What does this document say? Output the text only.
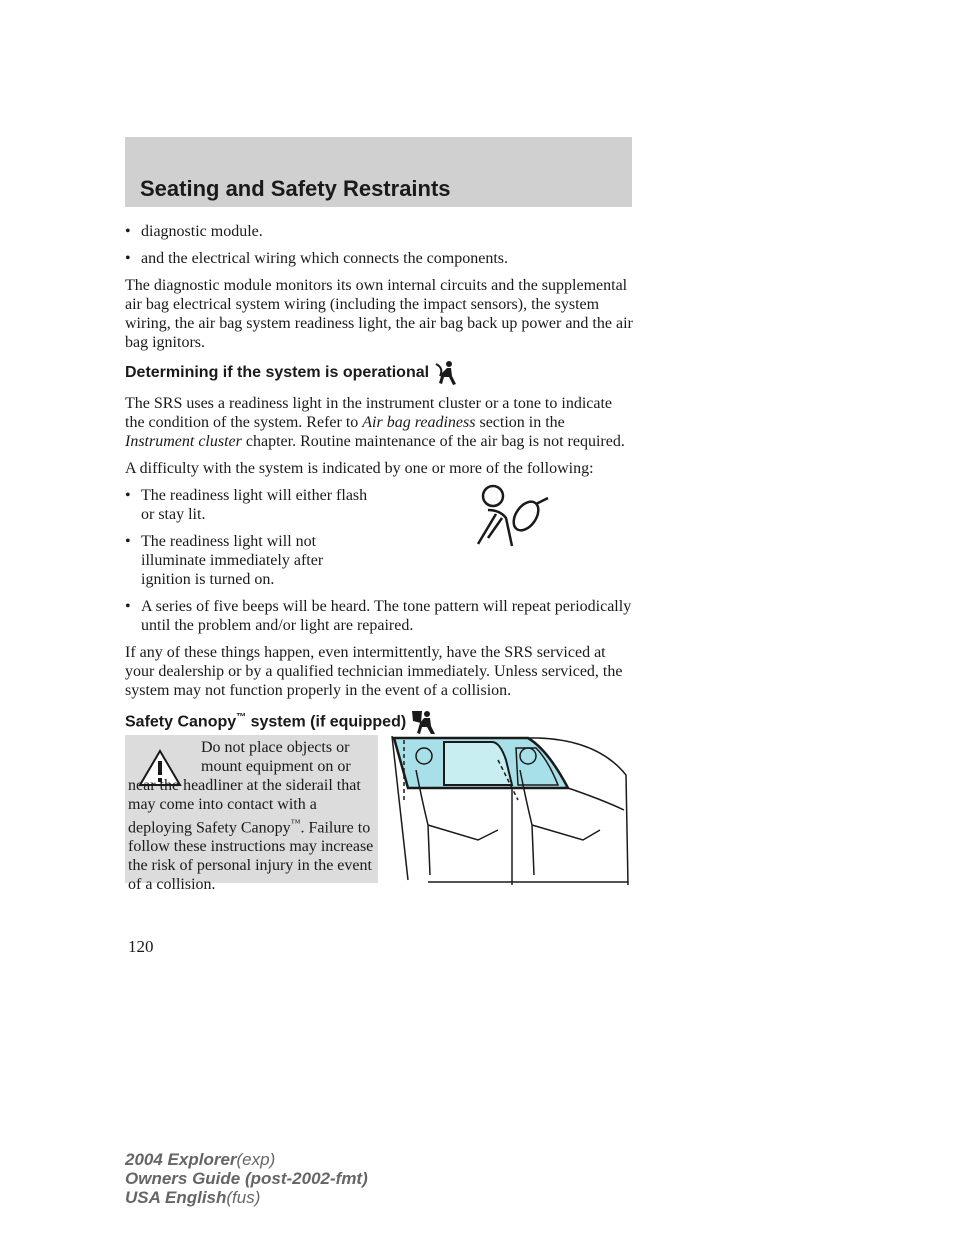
Seating and Safety Restraints
• diagnostic module.
• and the electrical wiring which connects the components.

The diagnostic module monitors its own internal circuits and the supplemental air bag electrical system wiring (including the impact sensors), the system wiring, the air bag system readiness light, the air bag back up power and the air bag ignitors.

Determining if the system is operational

The SRS uses a readiness light in the instrument cluster or a tone to indicate the condition of the system. Refer to Air bag readiness section in the Instrument cluster chapter. Routine maintenance of the air bag is not required.

A difficulty with the system is indicated by one or more of the following:

• The readiness light will either flash or stay lit.
• The readiness light will not illuminate immediately after ignition is turned on.
• A series of five beeps will be heard. The tone pattern will repeat periodically until the problem and/or light are repaired.

If any of these things happen, even intermittently, have the SRS serviced at your dealership or by a qualified technician immediately. Unless serviced, the system may not function properly in the event of a collision.

Safety Canopy™ system (if equipped)
Do not place objects or
mount equipment on or
near the headliner at the siderail that may come into contact with a deploying Safety Canopy™. Failure to follow these instructions may increase the risk of personal injury in the event of a collision.
120
2004 Explorer(exp)
Owners Guide (post-2002-fmt)
USA English(fus)
